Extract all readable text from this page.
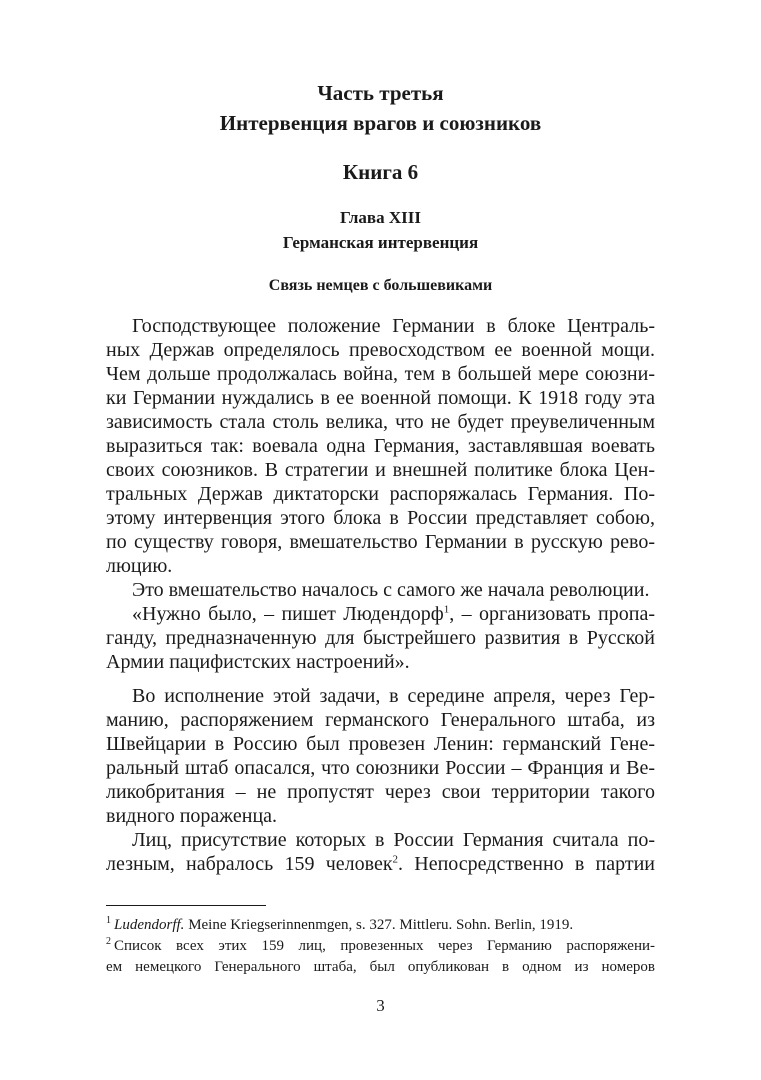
Часть третья
Интервенция врагов и союзников
Книга 6
Глава XIII
Германская интервенция
Связь немцев с большевиками

Господствующее положение Германии в блоке Централь-

ных Держав определялось превосходством ее военной мощи.

Чем дольше продолжалась война, тем в большей мере союзни-

ки Германии нуждались в ее военной помощи. К 1918 году эта

зависимость стала столь велика, что не будет преувеличенным

выразиться так: воевала одна Германия, заставлявшая воевать

своих союзников. В стратегии и внешней политике блока Цен-

тральных Держав диктаторски распоряжалась Германия. По-

этому интервенция этого блока в России представляет собою,

по существу говоря, вмешательство Германии в русскую рево-

люцию.

Это вмешательство началось с самого же начала революции.

«Нужно было, – пишет Людендорф$^1$, – организовать пропа-

ганду, предназначенную для быстрейшего развития в Русской

Армии пацифистских настроений».

Во исполнение этой задачи, в середине апреля, через Гер-

манию, распоряжением германского Генерального штаба, из

Швейцарии в Россию был провезен Ленин: германский Гене-

ральный штаб опасался, что союзники России – Франция и Ве-

ликобритания – не пропустят через свои территории такого

видного пораженца.

Лиц, присутствие которых в России Германия считала по-

лезным, набралось 159 человек$^2$. Непосредственно в партии

$^1$ Ludendorff. Meine Kriegserinnenmgen, s. 327. Mittleru. Sohn. Berlin, 1919.

$^2$ Список всех этих 159 лиц, провезенных через Германию распоряжени-

ем немецкого Генерального штаба, был опубликован в одном из номеров

3
